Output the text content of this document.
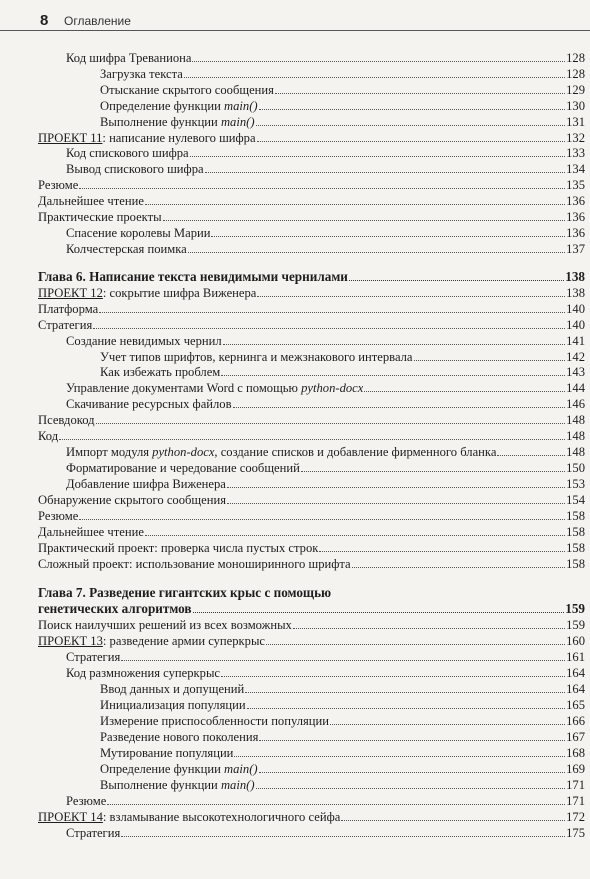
8 Оглавление
Код шифра Треваниона	128
Загрузка текста	128
Отыскание скрытого сообщения	129
Определение функции main()	130
Выполнение функции main()	131
ПРОЕКТ 11: написание нулевого шифра	132
Код спискового шифра	133
Вывод спискового шифра	134
Резюме	135
Дальнейшее чтение	136
Практические проекты	136
Спасение королевы Марии	136
Колчестерская поимка	137
Глава 6. Написание текста невидимыми чернилами	138
ПРОЕКТ 12: сокрытие шифра Виженера	138
Платформа	140
Стратегия	140
Создание невидимых чернил	141
Учет типов шрифтов, кернинга и межзнакового интервала	142
Как избежать проблем	143
Управление документами Word с помощью python-docx	144
Скачивание ресурсных файлов	146
Псевдокод	148
Код	148
Импорт модуля python-docx, создание списков и добавление фирменного бланка	148
Форматирование и чередование сообщений	150
Добавление шифра Виженера	153
Обнаружение скрытого сообщения	154
Резюме	158
Дальнейшее чтение	158
Практический проект: проверка числа пустых строк	158
Сложный проект: использование моноширинного шрифта	158
Глава 7. Разведение гигантских крыс с помощью
генетических алгоритмов	159
Поиск наилучших решений из всех возможных	159
ПРОЕКТ 13: разведение армии суперкрыс	160
Стратегия	161
Код размножения суперкрыс	164
Ввод данных и допущений	164
Инициализация популяции	165
Измерение приспособленности популяции	166
Разведение нового поколения	167
Мутирование популяции	168
Определение функции main()	169
Выполнение функции main()	171
Резюме	171
ПРОЕКТ 14: взламывание высокотехнологичного сейфа	172
Стратегия	175
